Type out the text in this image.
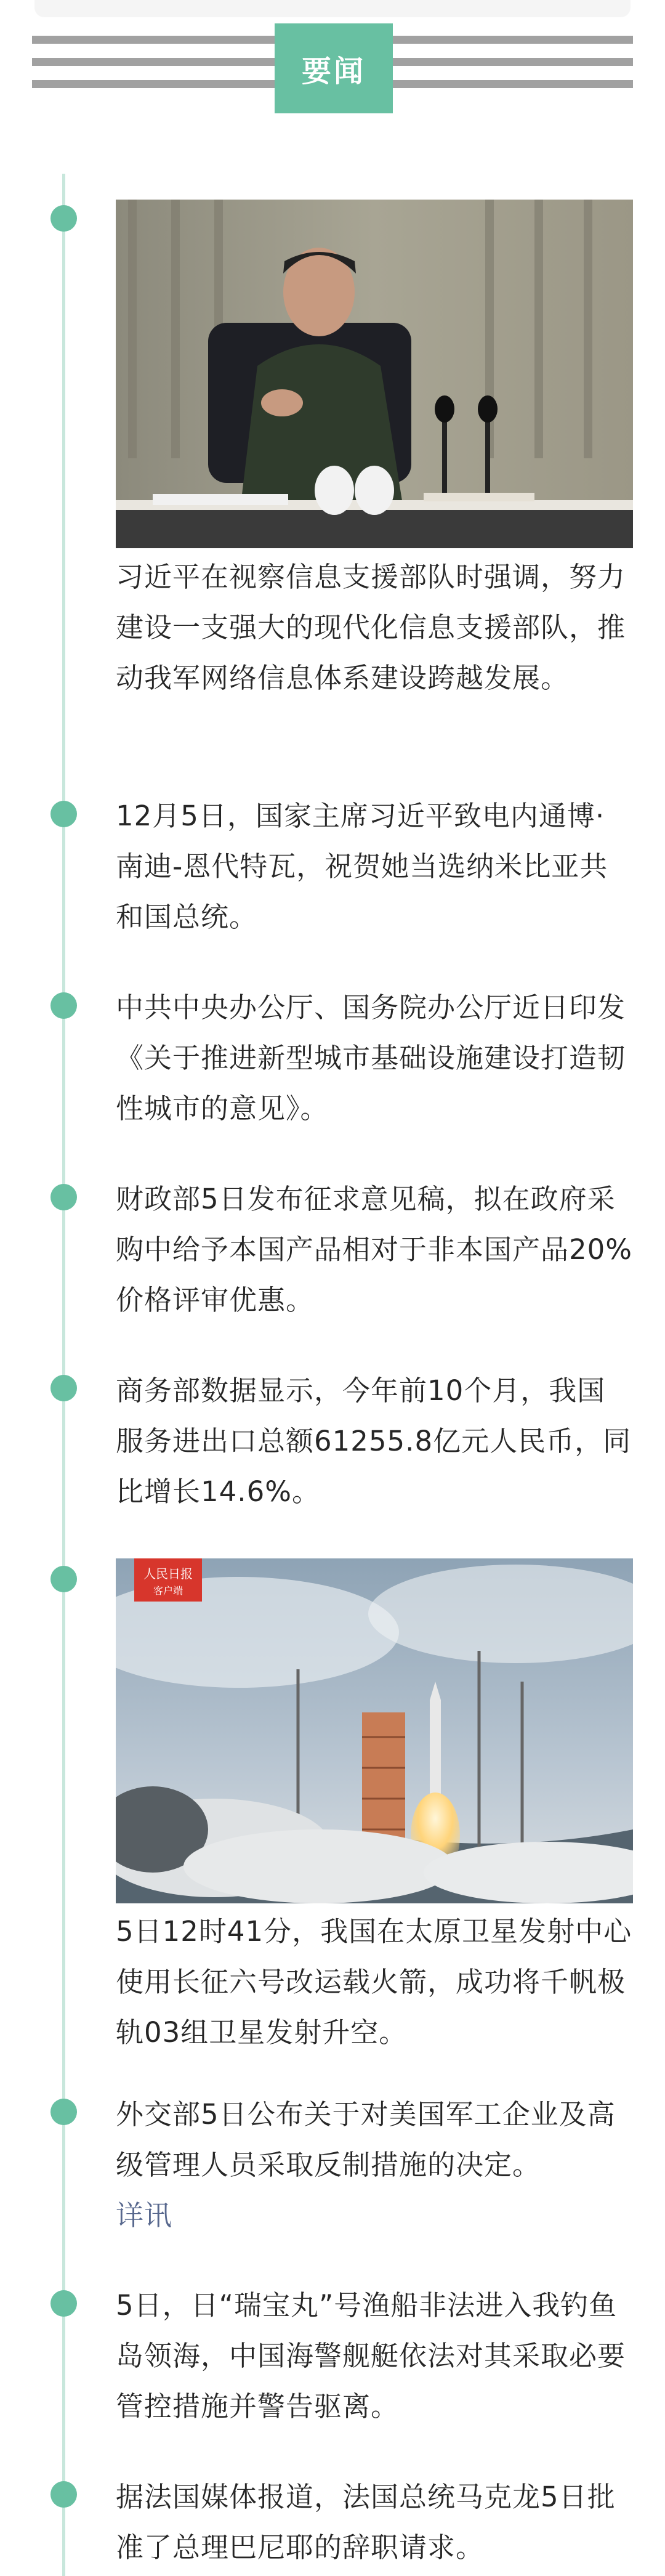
要闻
习近平在视察信息支援部队时强调，努力建设一支强大的现代化信息支援部队，推动我军网络信息体系建设跨越发展。
12月5日，国家主席习近平致电内通博·南迪-恩代特瓦，祝贺她当选纳米比亚共和国总统。
中共中央办公厅、国务院办公厅近日印发《关于推进新型城市基础设施建设打造韧性城市的意见》。
财政部5日发布征求意见稿，拟在政府采购中给予本国产品相对于非本国产品20%价格评审优惠。
商务部数据显示，今年前10个月，我国服务进出口总额61255.8亿元人民币，同比增长14.6%。
人民日报
客户端
5日12时41分，我国在太原卫星发射中心使用长征六号改运载火箭，成功将千帆极轨03组卫星发射升空。
外交部5日公布关于对美国军工企业及高级管理人员采取反制措施的决定。
详讯
5日，日“瑞宝丸”号渔船非法进入我钓鱼岛领海，中国海警舰艇依法对其采取必要管控措施并警告驱离。
据法国媒体报道，法国总统马克龙5日批准了总理巴尼耶的辞职请求。
